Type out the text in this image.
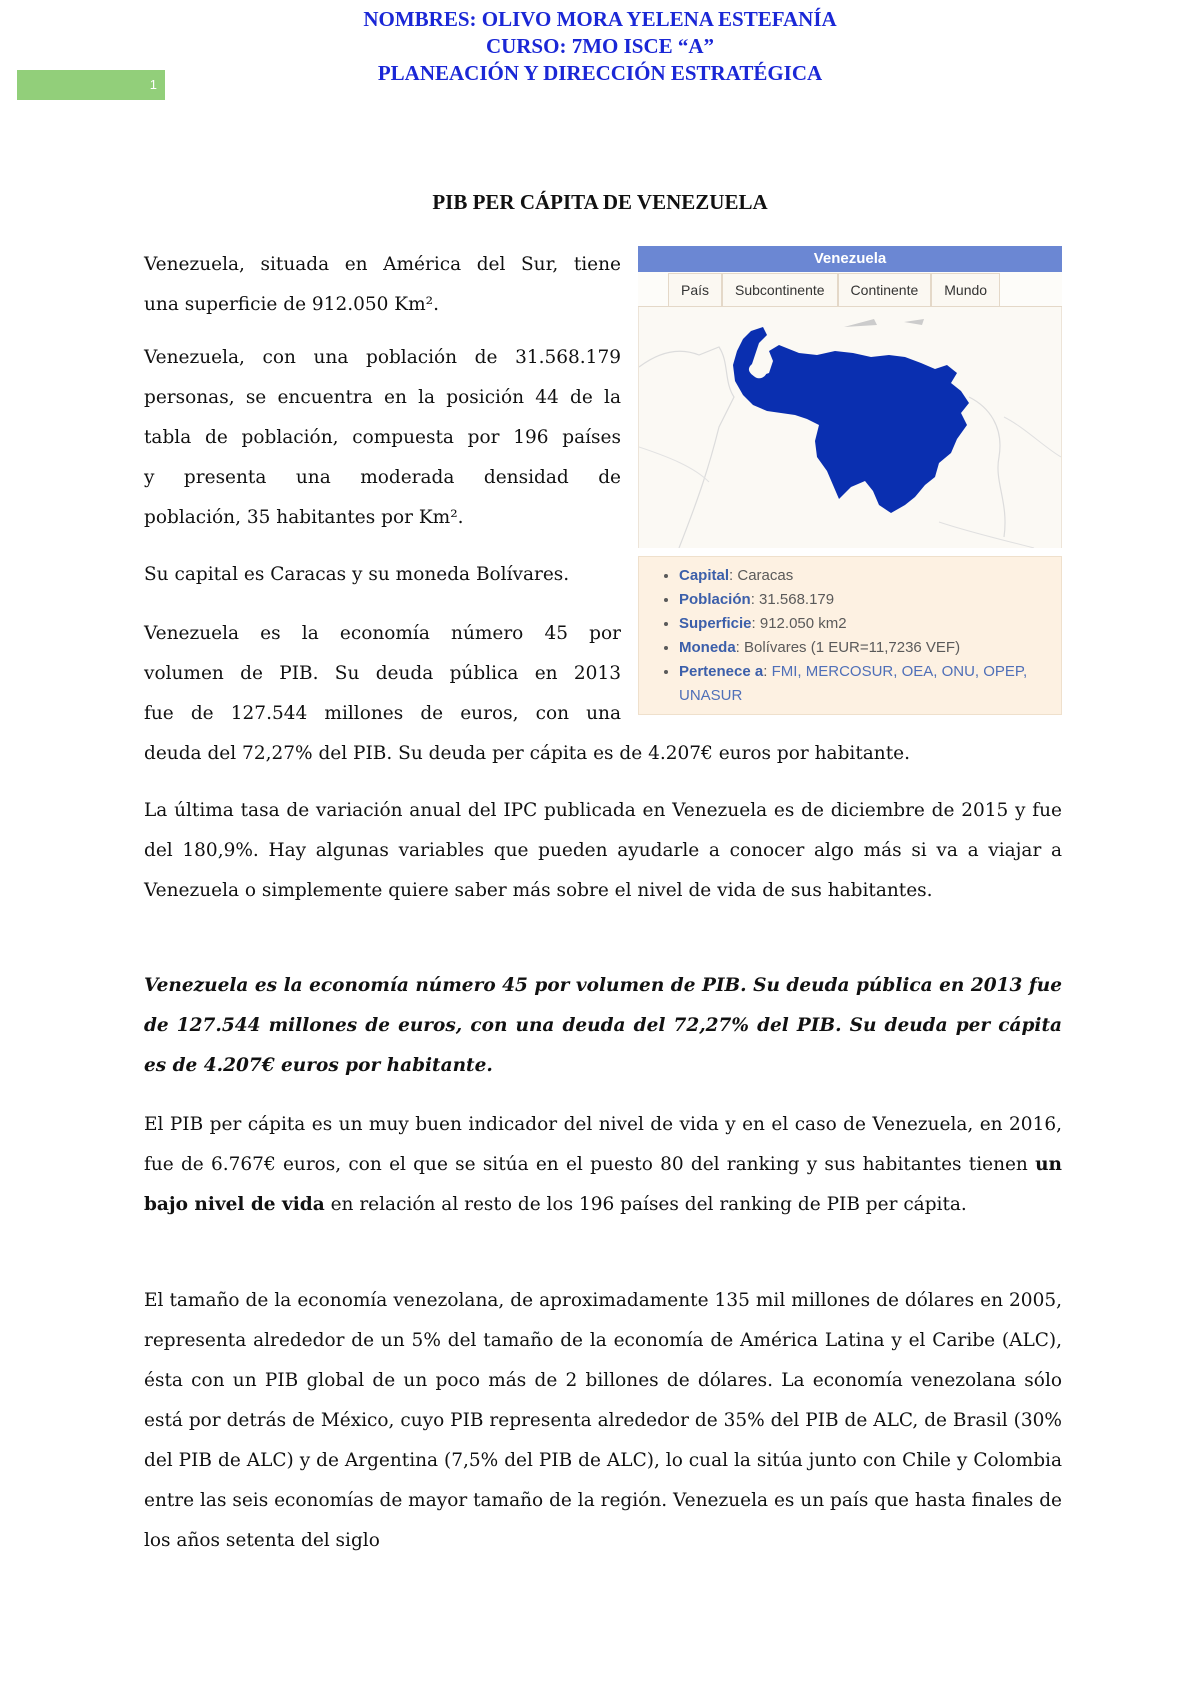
NOMBRES: OLIVO MORA YELENA ESTEFANÍA
CURSO: 7MO ISCE “A”
PLANEACIÓN Y DIRECCIÓN ESTRATÉGICA
1
PIB PER CÁPITA DE VENEZUELA

Venezuela, situada en América del Sur, tiene
una superficie de 912.050 Km².

Venezuela, con una población de 31.568.179
personas, se encuentra en la posición 44 de la
tabla de población, compuesta por 196 países
y presenta una moderada densidad de
población, 35 habitantes por Km².

Su capital es Caracas y su moneda Bolívares.

Venezuela es la economía número 45 por
volumen de PIB. Su deuda pública en 2013
fue de 127.544 millones de euros, con una
deuda del 72,27% del PIB. Su deuda per cápita es de 4.207€ euros por habitante.

Venezuela
País	Subcontinente	Continente	Mundo
• Capital: Caracas
• Población: 31.568.179
• Superficie: 912.050 km2
• Moneda: Bolívares (1 EUR=11,7236 VEF)
• Pertenece a: FMI, MERCOSUR, OEA, ONU, OPEP, UNASUR

La última tasa de variación anual del IPC publicada en Venezuela es de diciembre de 2015 y fue del 180,9%. Hay algunas variables que pueden ayudarle a conocer algo más si va a viajar a Venezuela o simplemente quiere saber más sobre el nivel de vida de sus habitantes.

Venezuela es la economía número 45 por volumen de PIB. Su deuda pública en 2013 fue de 127.544 millones de euros, con una deuda del 72,27% del PIB. Su deuda per cápita es de 4.207€ euros por habitante.

El PIB per cápita es un muy buen indicador del nivel de vida y en el caso de Venezuela, en 2016, fue de 6.767€ euros, con el que se sitúa en el puesto 80 del ranking y sus habitantes tienen un bajo nivel de vida en relación al resto de los 196 países del ranking de PIB per cápita.

El tamaño de la economía venezolana, de aproximadamente 135 mil millones de dólares en 2005, representa alrededor de un 5% del tamaño de la economía de América Latina y el Caribe (ALC), ésta con un PIB global de un poco más de 2 billones de dólares. La economía venezolana sólo está por detrás de México, cuyo PIB representa alrededor de 35% del PIB de ALC, de Brasil (30% del PIB de ALC) y de Argentina (7,5% del PIB de ALC), lo cual la sitúa junto con Chile y Colombia entre las seis economías de mayor tamaño de la región. Venezuela es un país que hasta finales de los años setenta del siglo
